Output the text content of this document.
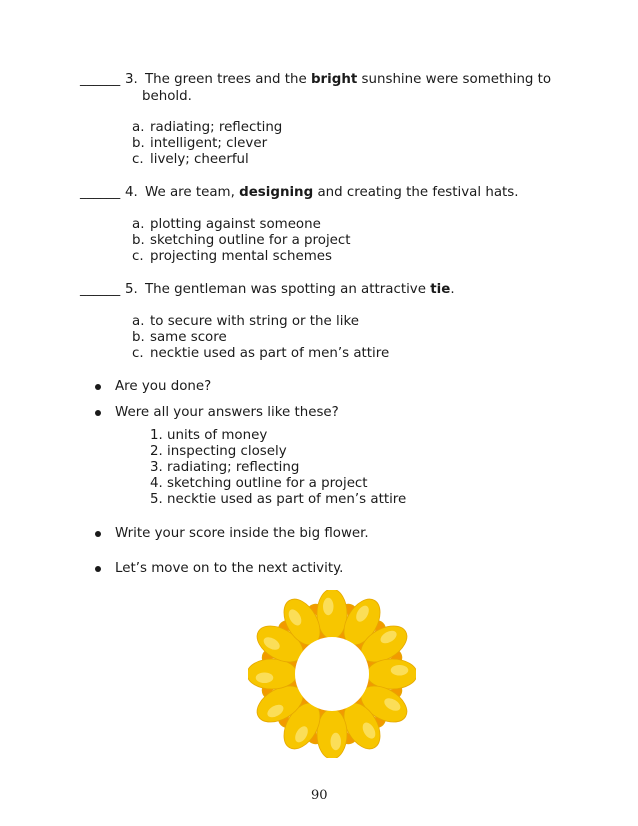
______ 3. The green trees and the bright sunshine were something to
behold.
a. radiating; reflecting
b. intelligent; clever
c. lively; cheerful
______ 4. We are team, designing and creating the festival hats.
a. plotting against someone
b. sketching outline for a project
c. projecting mental schemes
______ 5. The gentleman was spotting an attractive tie.
a. to secure with string or the like
b. same score
c. necktie used as part of men’s attire
Are you done?
Were all your answers like these?
1. units of money
2. inspecting closely
3. radiating; reflecting
4. sketching outline for a project
5. necktie used as part of men’s attire
Write your score inside the big flower.
Let’s move on to the next activity.
90
